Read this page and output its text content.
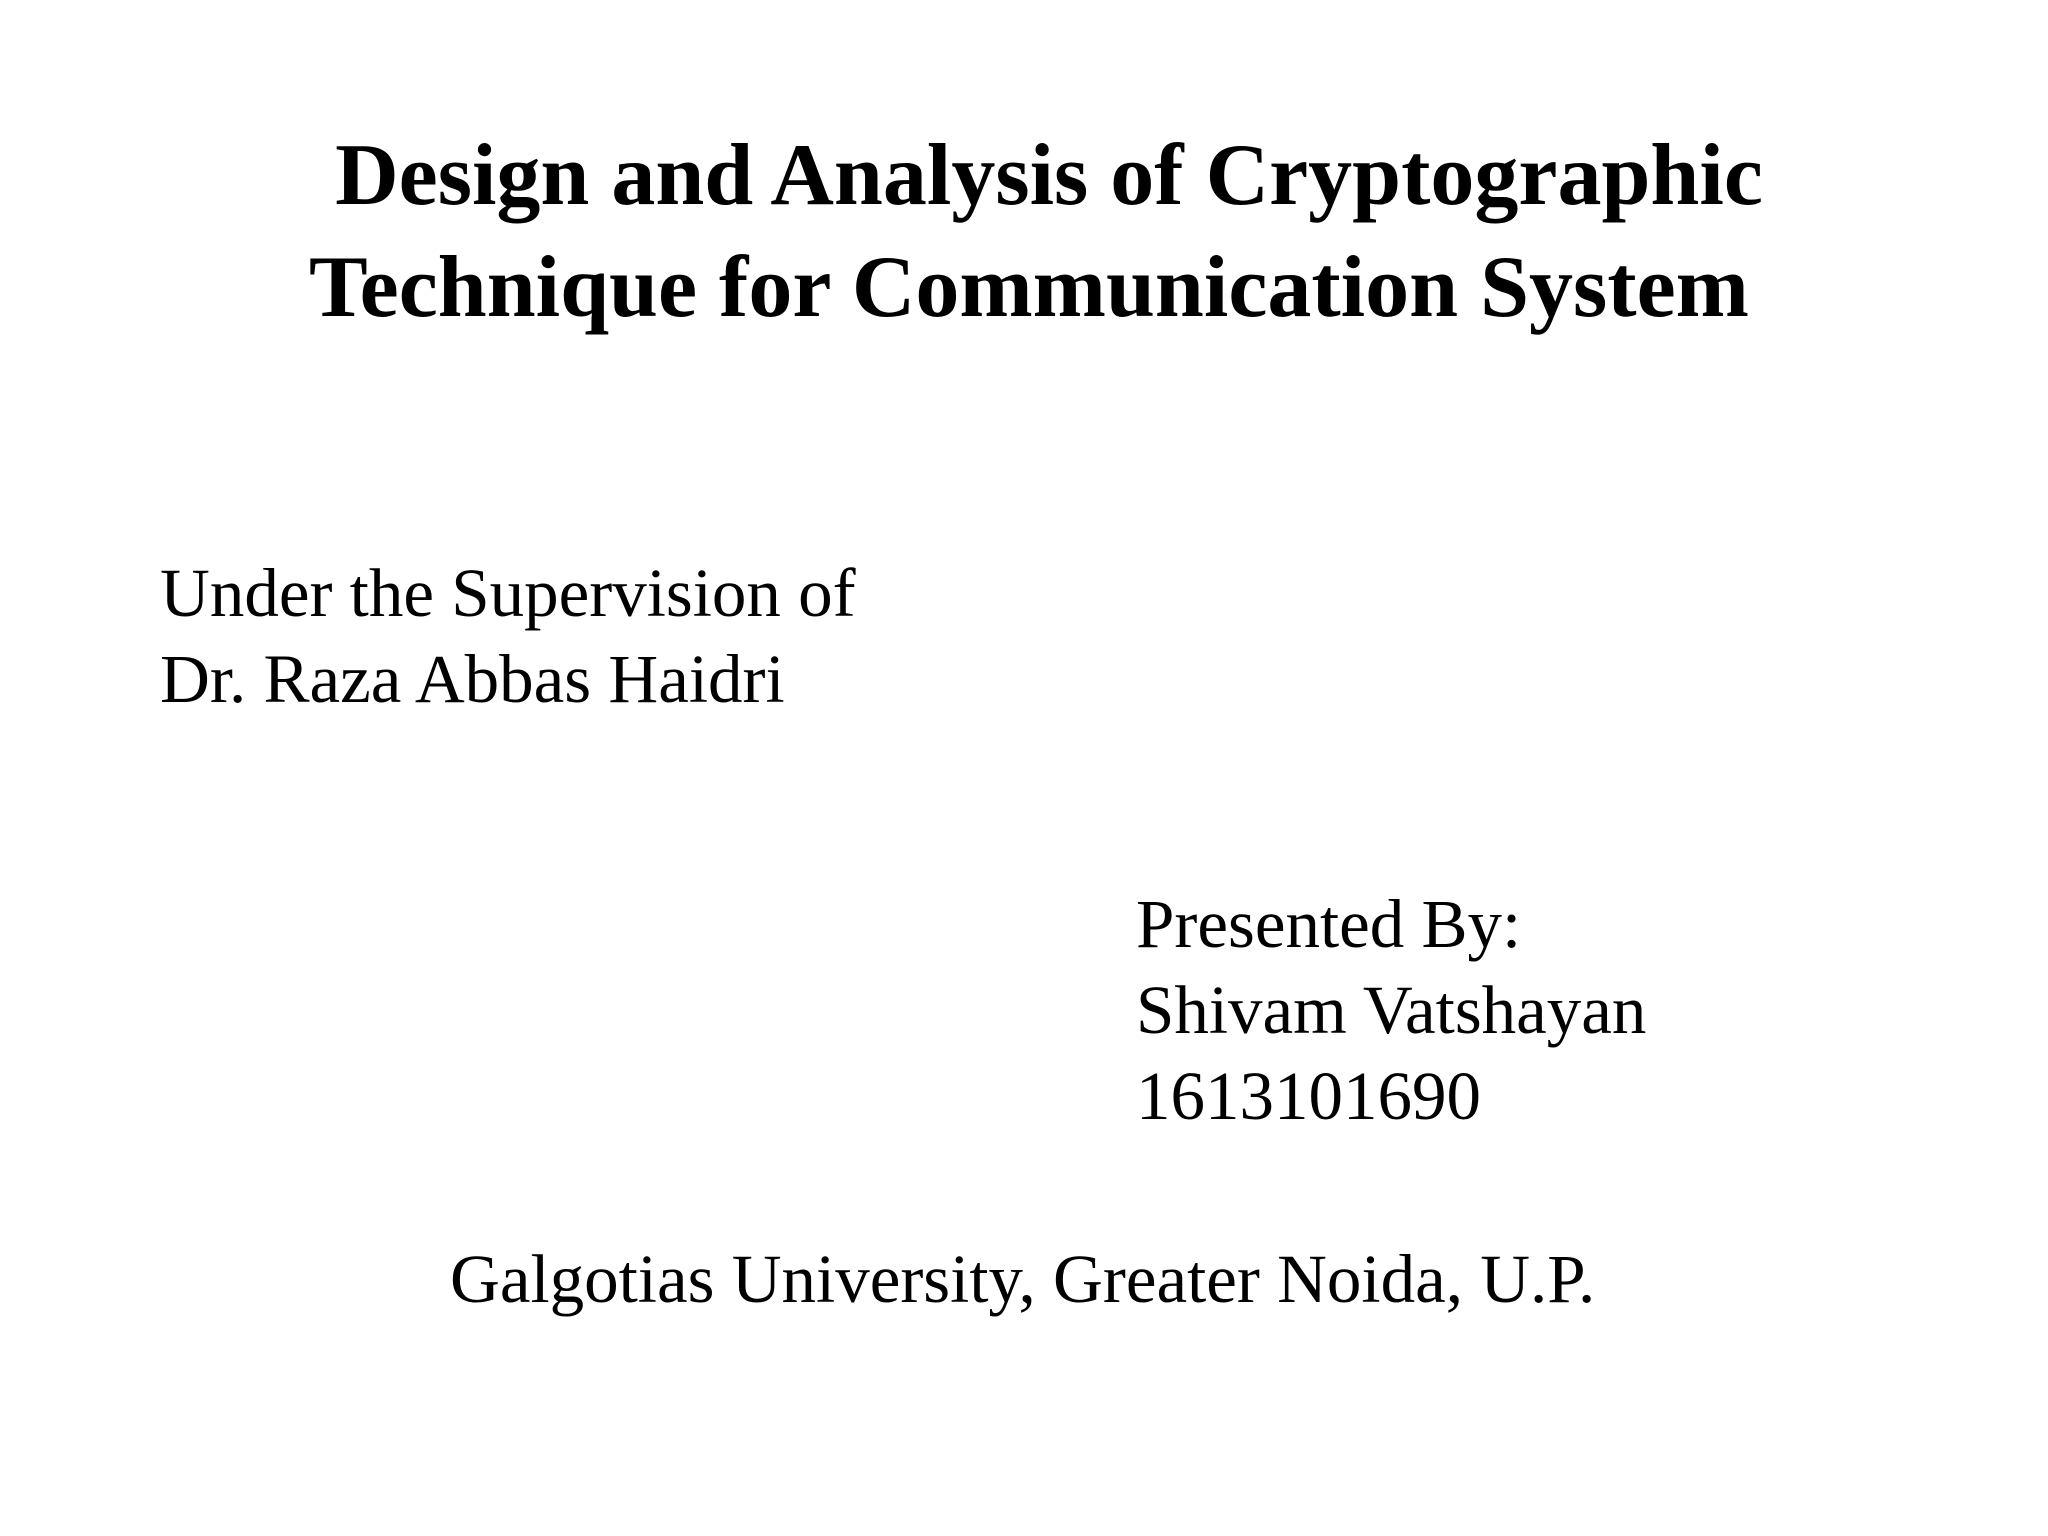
Design and Analysis of Cryptographic
Technique for Communication System
Under the Supervision of
Dr. Raza Abbas Haidri
Presented By:
Shivam Vatshayan
1613101690
Galgotias University, Greater Noida, U.P.
